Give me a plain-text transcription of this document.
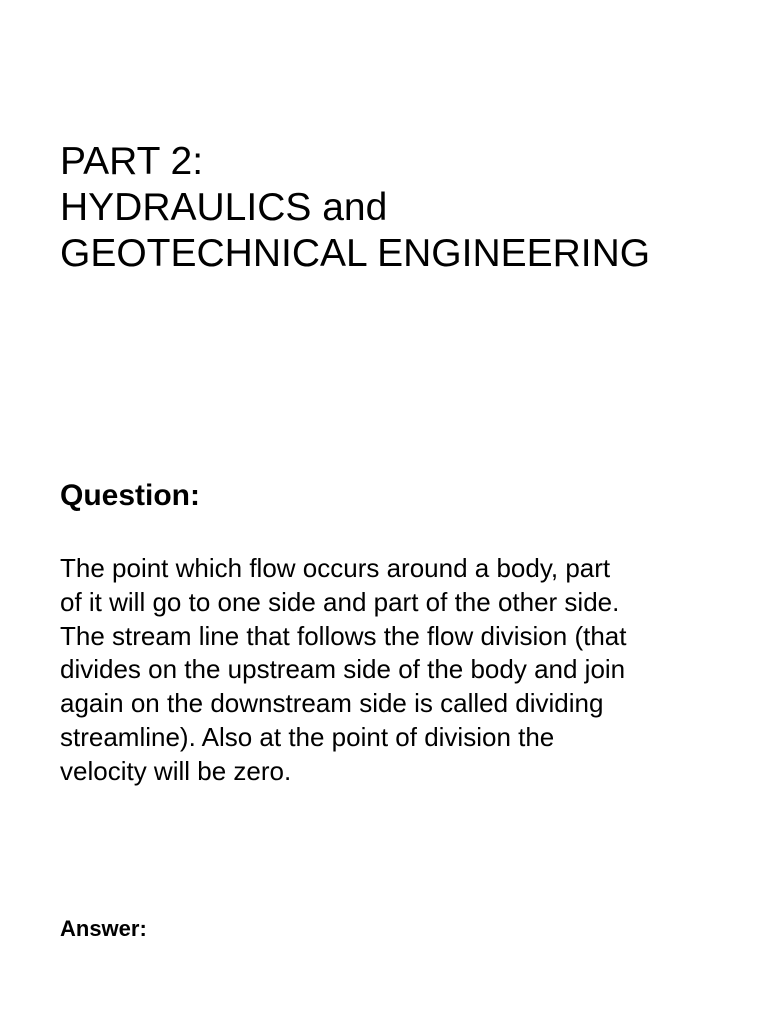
PART 2:
HYDRAULICS and
GEOTECHNICAL ENGINEERING
Question:
The point which flow occurs around a body, part
of it will go to one side and part of the other side.
The stream line that follows the flow division (that
divides on the upstream side of the body and join
again on the downstream side is called dividing
streamline). Also at the point of division the
velocity will be zero.
Answer:
